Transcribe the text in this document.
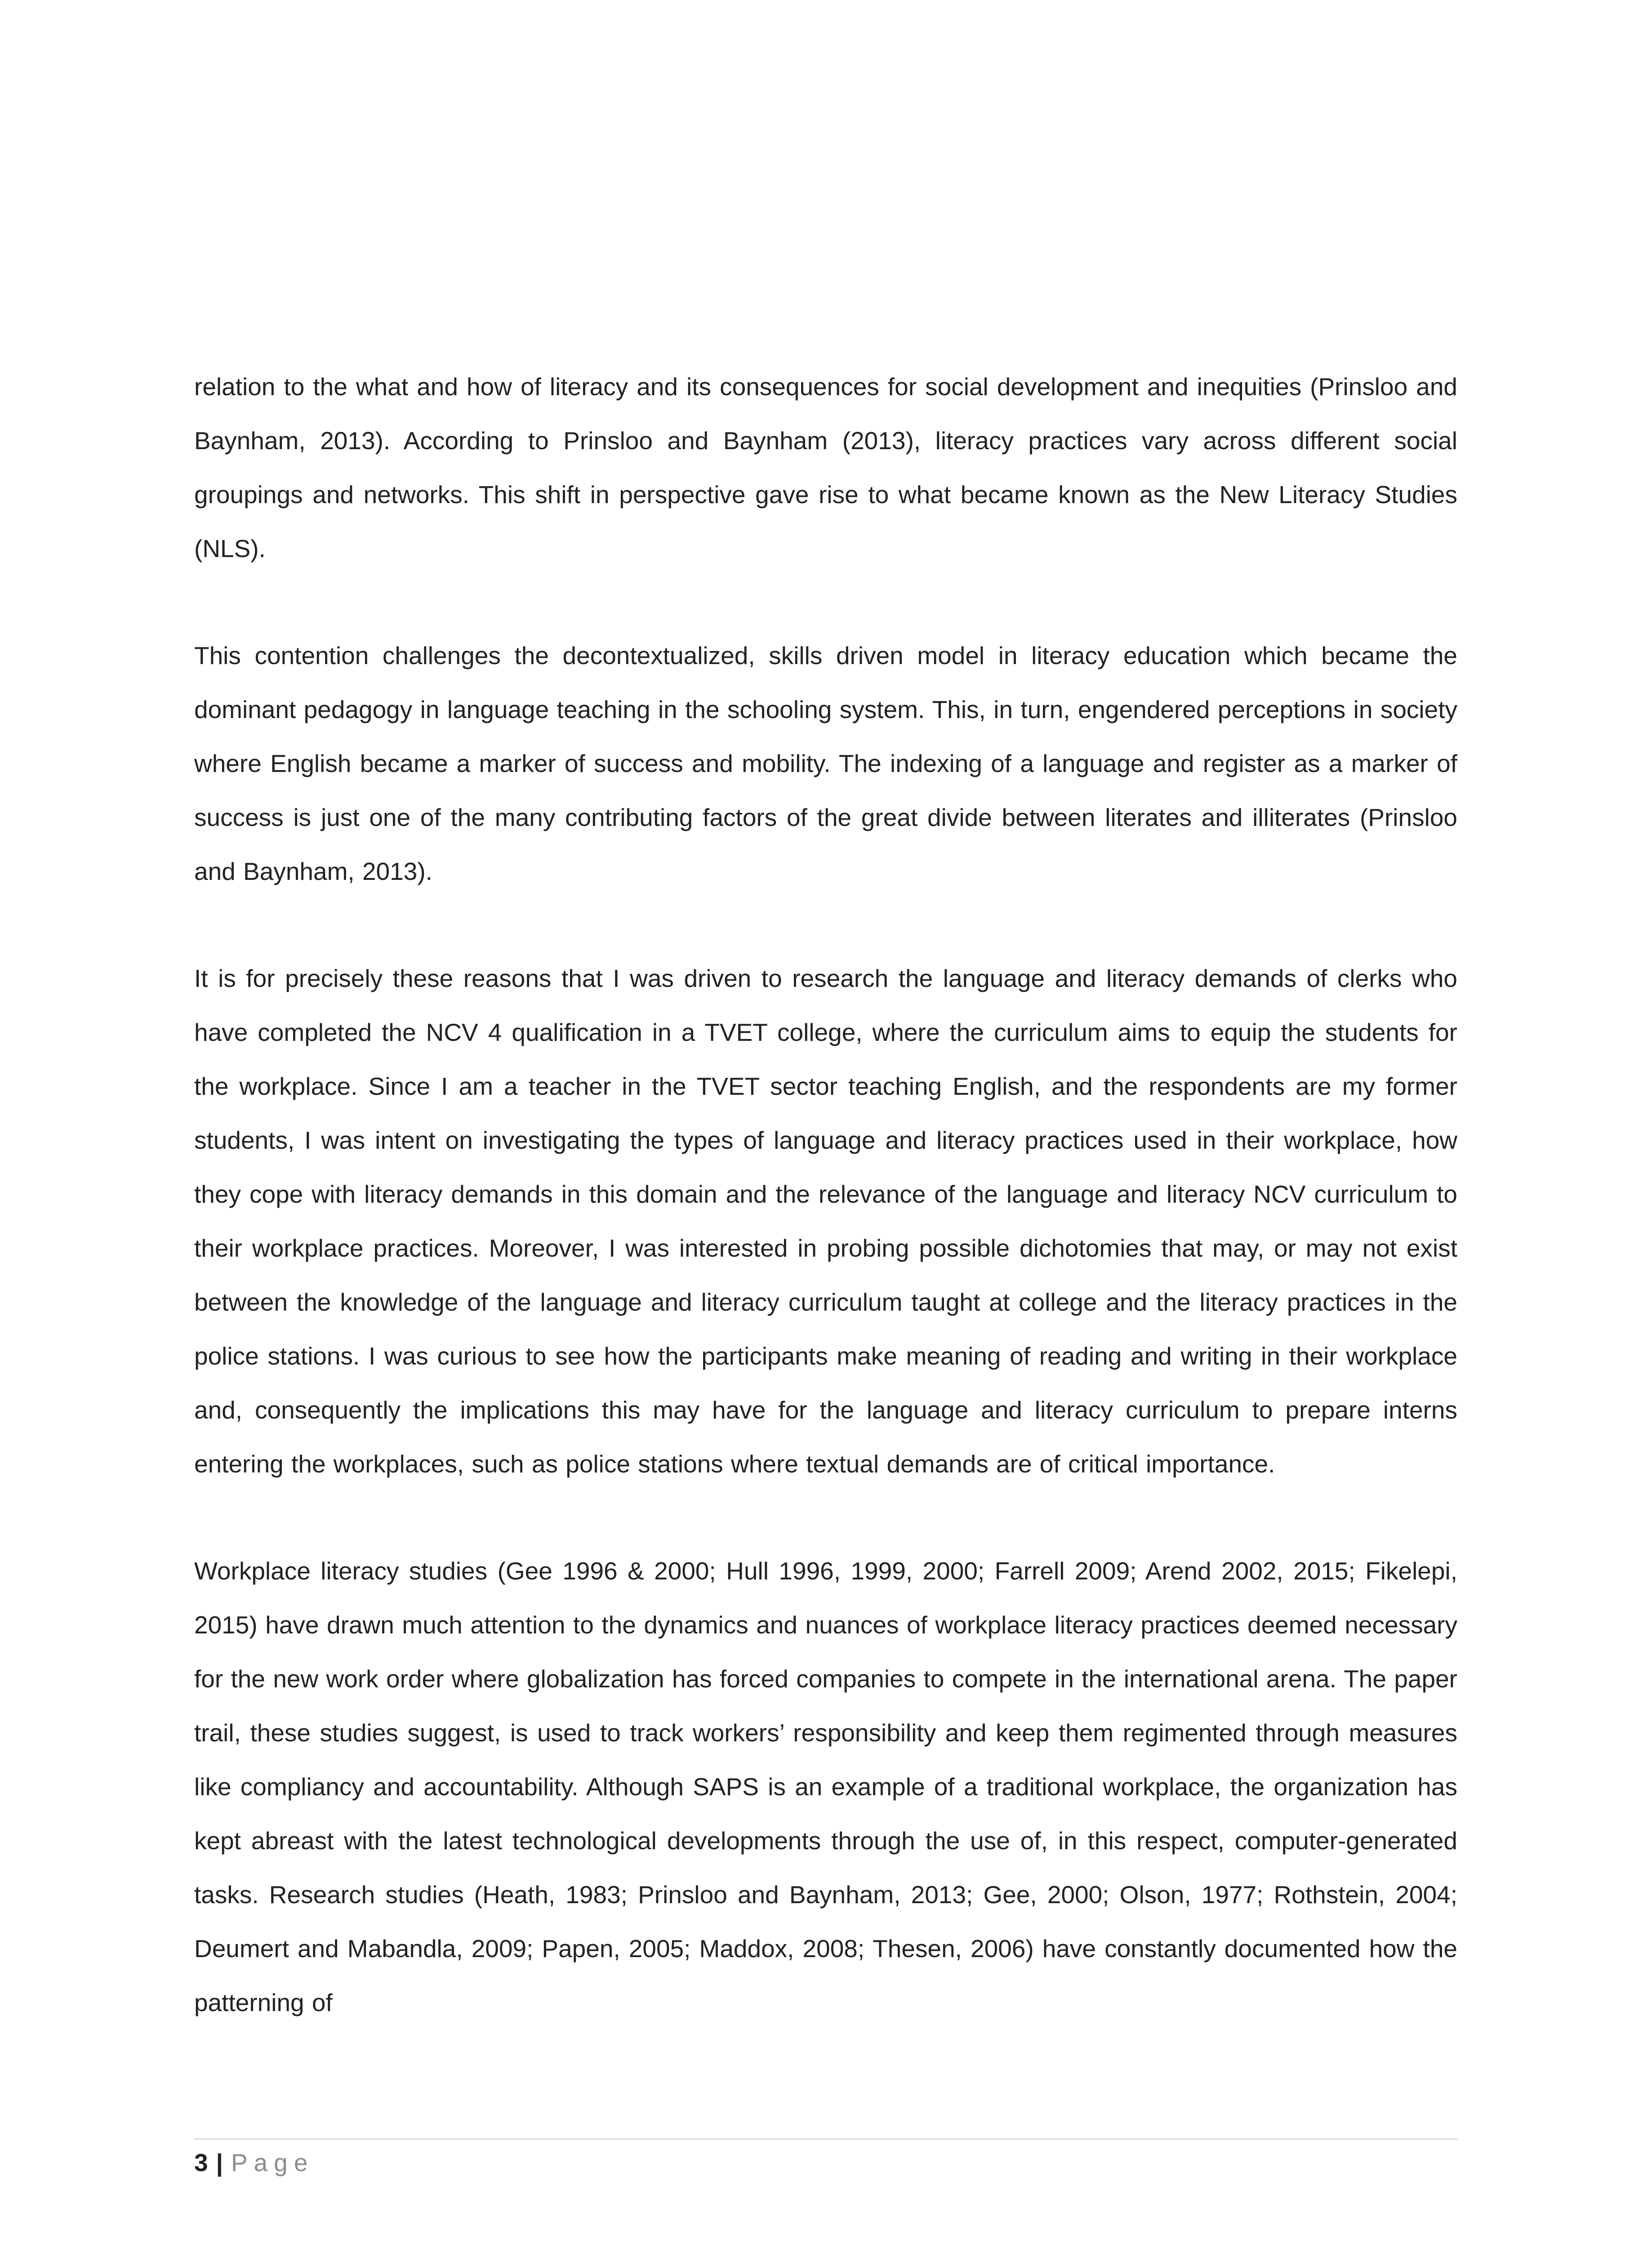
relation to the what and how of literacy and its consequences for social development and inequities (Prinsloo and Baynham, 2013). According to Prinsloo and Baynham (2013), literacy practices vary across different social groupings and networks. This shift in perspective gave rise to what became known as the New Literacy Studies (NLS).

This contention challenges the decontextualized, skills driven model in literacy education which became the dominant pedagogy in language teaching in the schooling system. This, in turn, engendered perceptions in society where English became a marker of success and mobility. The indexing of a language and register as a marker of success is just one of the many contributing factors of the great divide between literates and illiterates (Prinsloo and Baynham, 2013).

It is for precisely these reasons that I was driven to research the language and literacy demands of clerks who have completed the NCV 4 qualification in a TVET college, where the curriculum aims to equip the students for the workplace. Since I am a teacher in the TVET sector teaching English, and the respondents are my former students, I was intent on investigating the types of language and literacy practices used in their workplace, how they cope with literacy demands in this domain and the relevance of the language and literacy NCV curriculum to their workplace practices. Moreover, I was interested in probing possible dichotomies that may, or may not exist between the knowledge of the language and literacy curriculum taught at college and the literacy practices in the police stations. I was curious to see how the participants make meaning of reading and writing in their workplace and, consequently the implications this may have for the language and literacy curriculum to prepare interns entering the workplaces, such as police stations where textual demands are of critical importance.

Workplace literacy studies (Gee 1996 & 2000; Hull 1996, 1999, 2000; Farrell 2009; Arend 2002, 2015; Fikelepi, 2015) have drawn much attention to the dynamics and nuances of workplace literacy practices deemed necessary for the new work order where globalization has forced companies to compete in the international arena. The paper trail, these studies suggest, is used to track workers’ responsibility and keep them regimented through measures like compliancy and accountability. Although SAPS is an example of a traditional workplace, the organization has kept abreast with the latest technological developments through the use of, in this respect, computer-generated tasks. Research studies (Heath, 1983; Prinsloo and Baynham, 2013; Gee, 2000; Olson, 1977; Rothstein, 2004; Deumert and Mabandla, 2009; Papen, 2005; Maddox, 2008; Thesen, 2006) have constantly documented how the patterning of

3 | Page
